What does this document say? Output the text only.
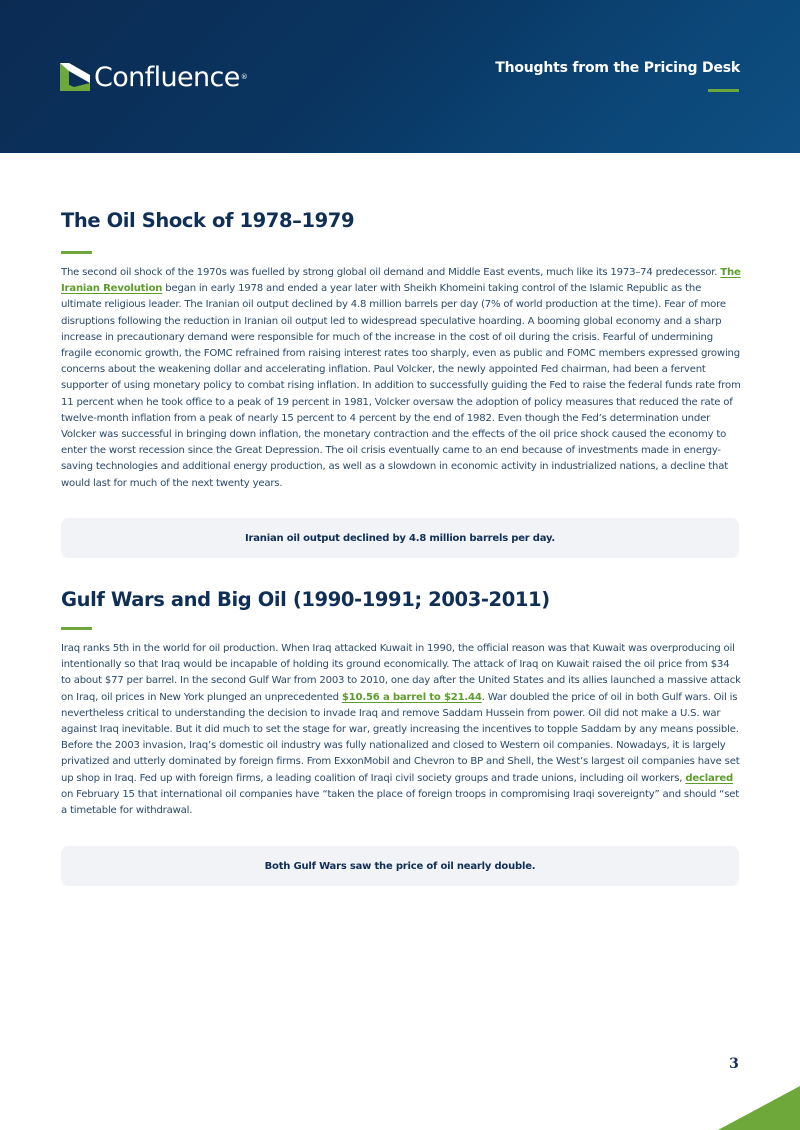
Confluence ®
Thoughts from the Pricing Desk
The Oil Shock of 1978–1979

The second oil shock of the 1970s was fuelled by strong global oil demand and Middle East events, much like its 1973–74 predecessor. The Iranian Revolution began in early 1978 and ended a year later with Sheikh Khomeini taking control of the Islamic Republic as the ultimate religious leader. The Iranian oil output declined by 4.8 million barrels per day (7% of world production at the time). Fear of more disruptions following the reduction in Iranian oil output led to widespread speculative hoarding. A booming global economy and a sharp increase in precautionary demand were responsible for much of the increase in the cost of oil during the crisis. Fearful of undermining fragile economic growth, the FOMC refrained from raising interest rates too sharply, even as public and FOMC members expressed growing concerns about the weakening dollar and accelerating inflation. Paul Volcker, the newly appointed Fed chairman, had been a fervent supporter of using monetary policy to combat rising inflation. In addition to successfully guiding the Fed to raise the federal funds rate from 11 percent when he took office to a peak of 19 percent in 1981, Volcker oversaw the adoption of policy measures that reduced the rate of twelve-month inflation from a peak of nearly 15 percent to 4 percent by the end of 1982. Even though the Fed’s determination under Volcker was successful in bringing down inflation, the monetary contraction and the effects of the oil price shock caused the economy to enter the worst recession since the Great Depression. The oil crisis eventually came to an end because of investments made in energy-saving technologies and additional energy production, as well as a slowdown in economic activity in industrialized nations, a decline that would last for much of the next twenty years.

Iranian oil output declined by 4.8 million barrels per day.
Gulf Wars and Big Oil (1990-1991; 2003-2011)

Iraq ranks 5th in the world for oil production. When Iraq attacked Kuwait in 1990, the official reason was that Kuwait was overproducing oil intentionally so that Iraq would be incapable of holding its ground economically. The attack of Iraq on Kuwait raised the oil price from $34 to about $77 per barrel. In the second Gulf War from 2003 to 2010, one day after the United States and its allies launched a massive attack on Iraq, oil prices in New York plunged an unprecedented $10.56 a barrel to $21.44. War doubled the price of oil in both Gulf wars. Oil is nevertheless critical to understanding the decision to invade Iraq and remove Saddam Hussein from power. Oil did not make a U.S. war against Iraq inevitable. But it did much to set the stage for war, greatly increasing the incentives to topple Saddam by any means possible. Before the 2003 invasion, Iraq’s domestic oil industry was fully nationalized and closed to Western oil companies. Nowadays, it is largely privatized and utterly dominated by foreign firms. From ExxonMobil and Chevron to BP and Shell, the West’s largest oil companies have set up shop in Iraq. Fed up with foreign firms, a leading coalition of Iraqi civil society groups and trade unions, including oil workers, declared on February 15 that international oil companies have “taken the place of foreign troops in compromising Iraqi sovereignty” and should “set a timetable for withdrawal.

Both Gulf Wars saw the price of oil nearly double.
3
